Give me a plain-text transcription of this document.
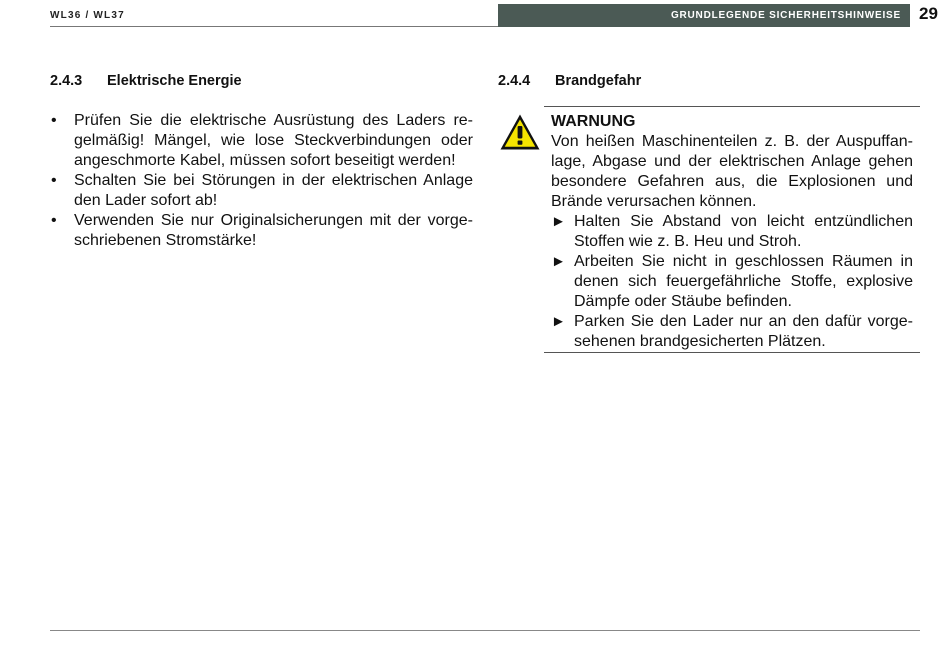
WL36 / WL37	GRUNDLEGENDE SICHERHEITSHINWEISE 29
2.4.3 Elektrische Energie
• Prüfen Sie die elektrische Ausrüstung des Laders regelmäßig! Mängel, wie lose Steckverbindungen oder angeschmorte Kabel, müssen sofort beseitigt werden!
• Schalten Sie bei Störungen in der elektrischen Anlage den Lader sofort ab!
• Verwenden Sie nur Originalsicherungen mit der vorgeschriebenen Stromstärke!
2.4.4 Brandgefahr
WARNUNG
Von heißen Maschinenteilen z. B. der Auspuffanlage, Abgase und der elektrischen Anlage gehen besondere Gefahren aus, die Explosionen und Brände verursachen können.
► Halten Sie Abstand von leicht entzündlichen Stoffen wie z. B. Heu und Stroh.
► Arbeiten Sie nicht in geschlossen Räumen in denen sich feuergefährliche Stoffe, explosive Dämpfe oder Stäube befinden.
► Parken Sie den Lader nur an den dafür vorgesehenen brandgesicherten Plätzen.
